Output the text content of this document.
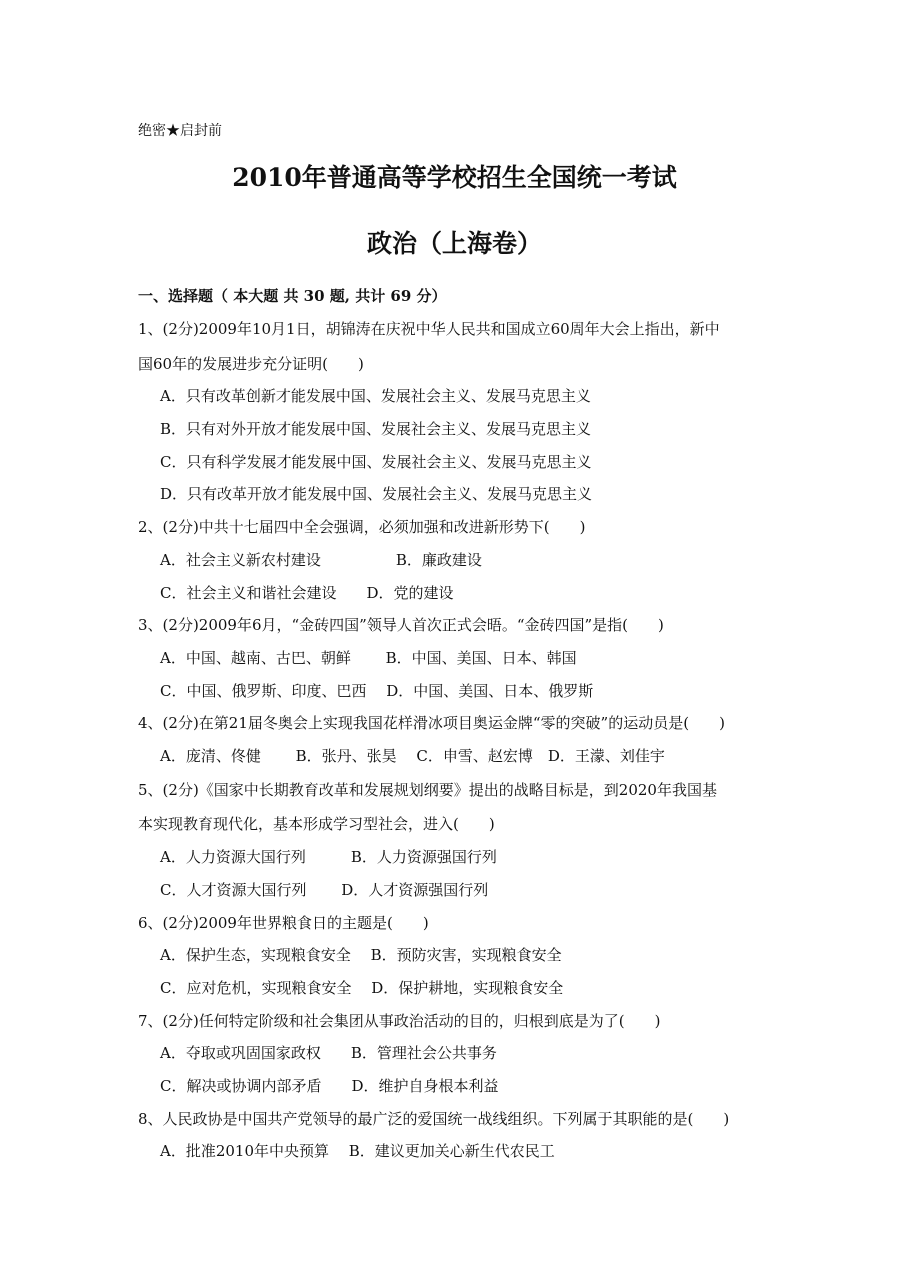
绝密★启封前
2010年普通高等学校招生全国统一考试
政治（上海卷）
一、选择题（ 本大题 共 30 题, 共计 69 分）
1、(2分)2009年10月1日，胡锦涛在庆祝中华人民共和国成立60周年大会上指出，新中
国60年的发展进步充分证明(　　)
A．只有改革创新才能发展中国、发展社会主义、发展马克思主义
B．只有对外开放才能发展中国、发展社会主义、发展马克思主义
C．只有科学发展才能发展中国、发展社会主义、发展马克思主义
D．只有改革开放才能发展中国、发展社会主义、发展马克思主义
2、(2分)中共十七届四中全会强调，必须加强和改进新形势下(　　)
A．社会主义新农村建设　　　　　B．廉政建设
C．社会主义和谐社会建设　　D．党的建设
3、(2分)2009年6月，“金砖四国”领导人首次正式会晤。“金砖四国”是指(　　)
A．中国、越南、古巴、朝鲜　　 B．中国、美国、日本、韩国
C．中国、俄罗斯、印度、巴西　 D．中国、美国、日本、俄罗斯
4、(2分)在第21届冬奥会上实现我国花样滑冰项目奥运金牌“零的突破”的运动员是(　　)
A．庞清、佟健　　 B．张丹、张昊　 C．申雪、赵宏博　D．王濛、刘佳宇
5、(2分)《国家中长期教育改革和发展规划纲要》提出的战略目标是，到2020年我国基
本实现教育现代化，基本形成学习型社会，进入(　　)
A．人力资源大国行列　　　B．人力资源强国行列
C．人才资源大国行列　　 D．人才资源强国行列
6、(2分)2009年世界粮食日的主题是(　　)
A．保护生态，实现粮食安全　 B．预防灾害，实现粮食安全
C．应对危机，实现粮食安全　 D．保护耕地，实现粮食安全
7、(2分)任何特定阶级和社会集团从事政治活动的目的，归根到底是为了(　　)
A．夺取或巩固国家政权　　B．管理社会公共事务
C．解决或协调内部矛盾　　D．维护自身根本利益
8、人民政协是中国共产党领导的最广泛的爱国统一战线组织。下列属于其职能的是(　　)
A．批准2010年中央预算　 B．建议更加关心新生代农民工
